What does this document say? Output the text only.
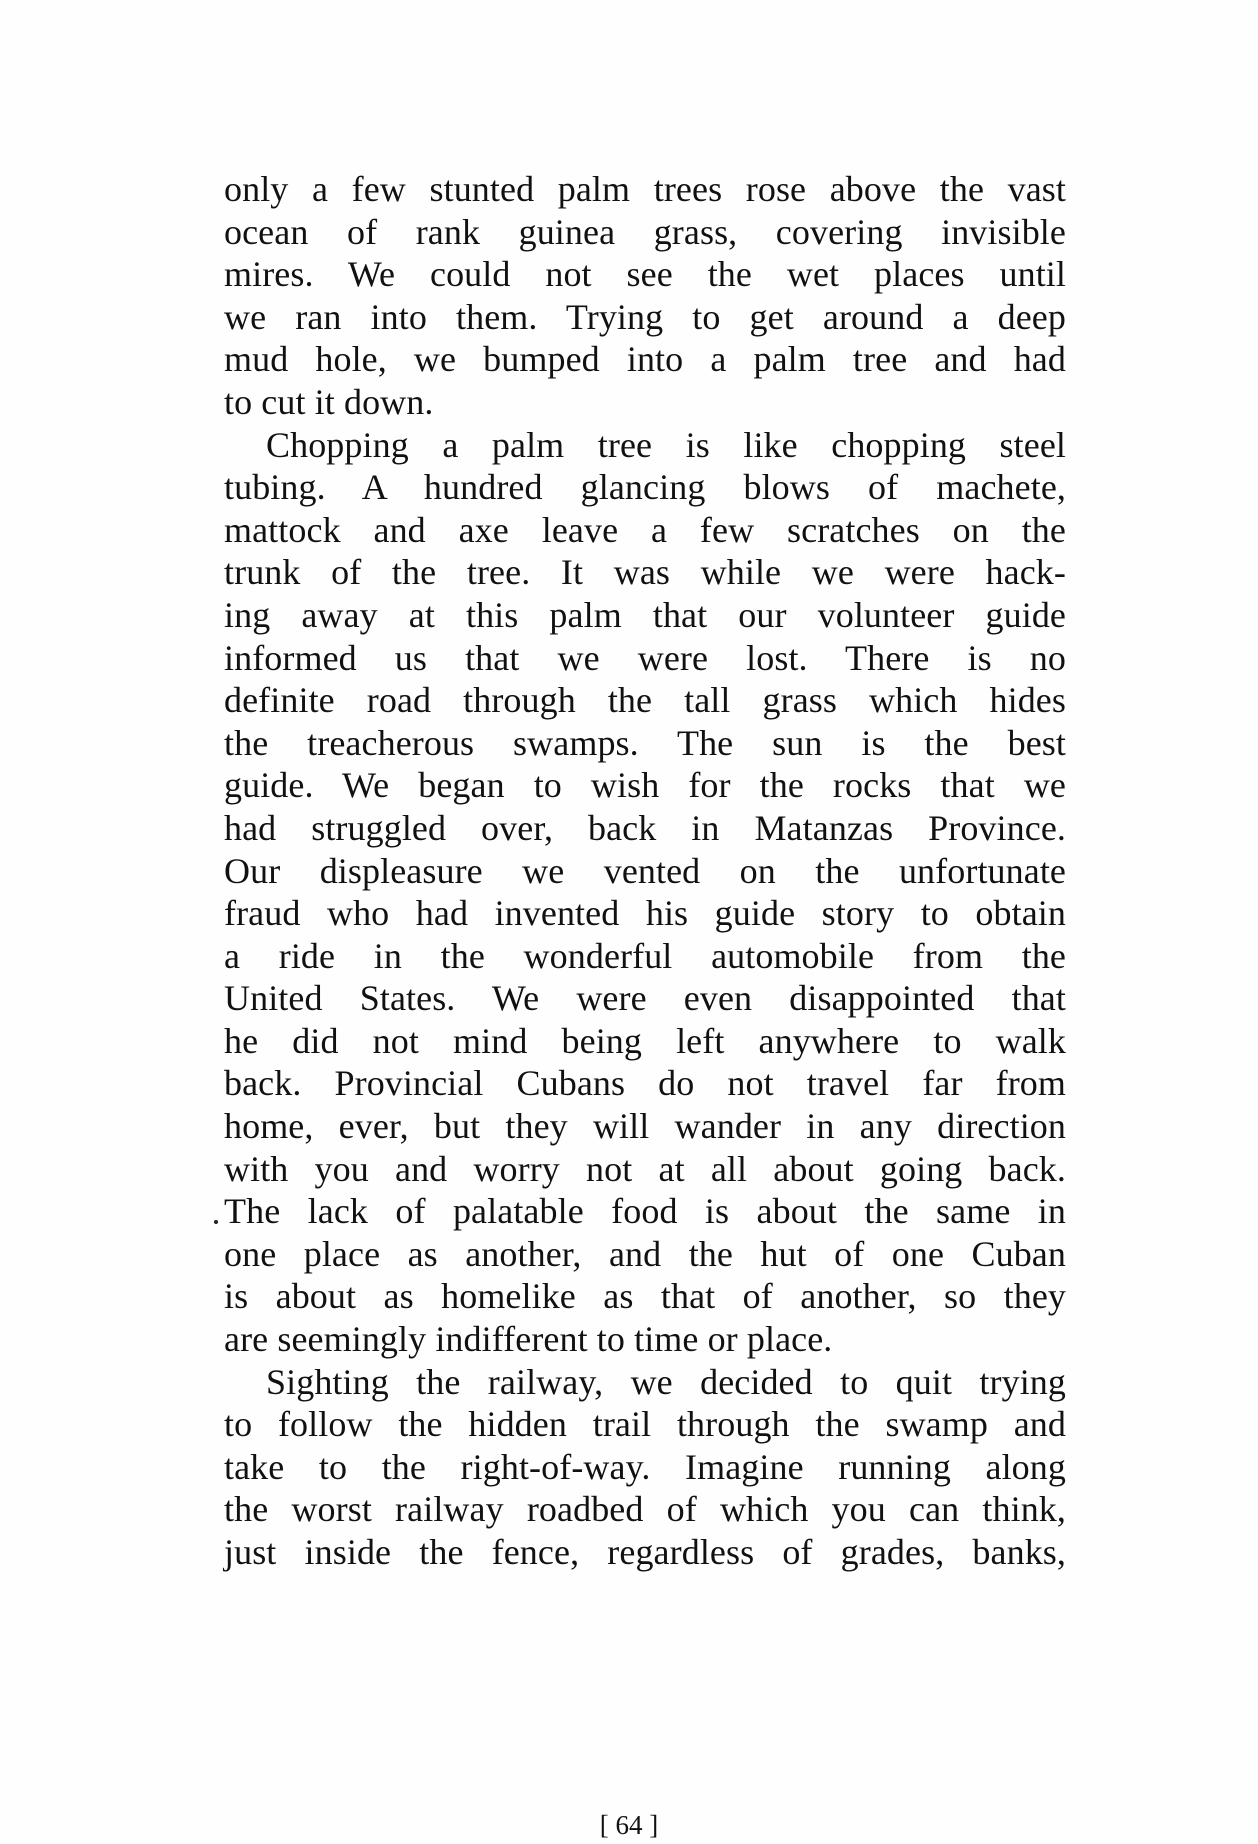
only a few stunted palm trees rose above the vast
ocean of rank guinea grass, covering invisible
mires. We could not see the wet places until
we ran into them. Trying to get around a deep
mud hole, we bumped into a palm tree and had
to cut it down.

Chopping a palm tree is like chopping steel
tubing. A hundred glancing blows of machete,
mattock and axe leave a few scratches on the
trunk of the tree. It was while we were hack-
ing away at this palm that our volunteer guide
informed us that we were lost. There is no
definite road through the tall grass which hides
the treacherous swamps. The sun is the best
guide. We began to wish for the rocks that we
had struggled over, back in Matanzas Province.
Our displeasure we vented on the unfortunate
fraud who had invented his guide story to obtain
a ride in the wonderful automobile from the
United States. We were even disappointed that
he did not mind being left anywhere to walk
back. Provincial Cubans do not travel far from
home, ever, but they will wander in any direction
with you and worry not at all about going back.
The lack of palatable food is about the same in
one place as another, and the hut of one Cuban
is about as homelike as that of another, so they
are seemingly indifferent to time or place.

Sighting the railway, we decided to quit trying
to follow the hidden trail through the swamp and
take to the right-of-way. Imagine running along
the worst railway roadbed of which you can think,
just inside the fence, regardless of grades, banks,

[ 64 ]
